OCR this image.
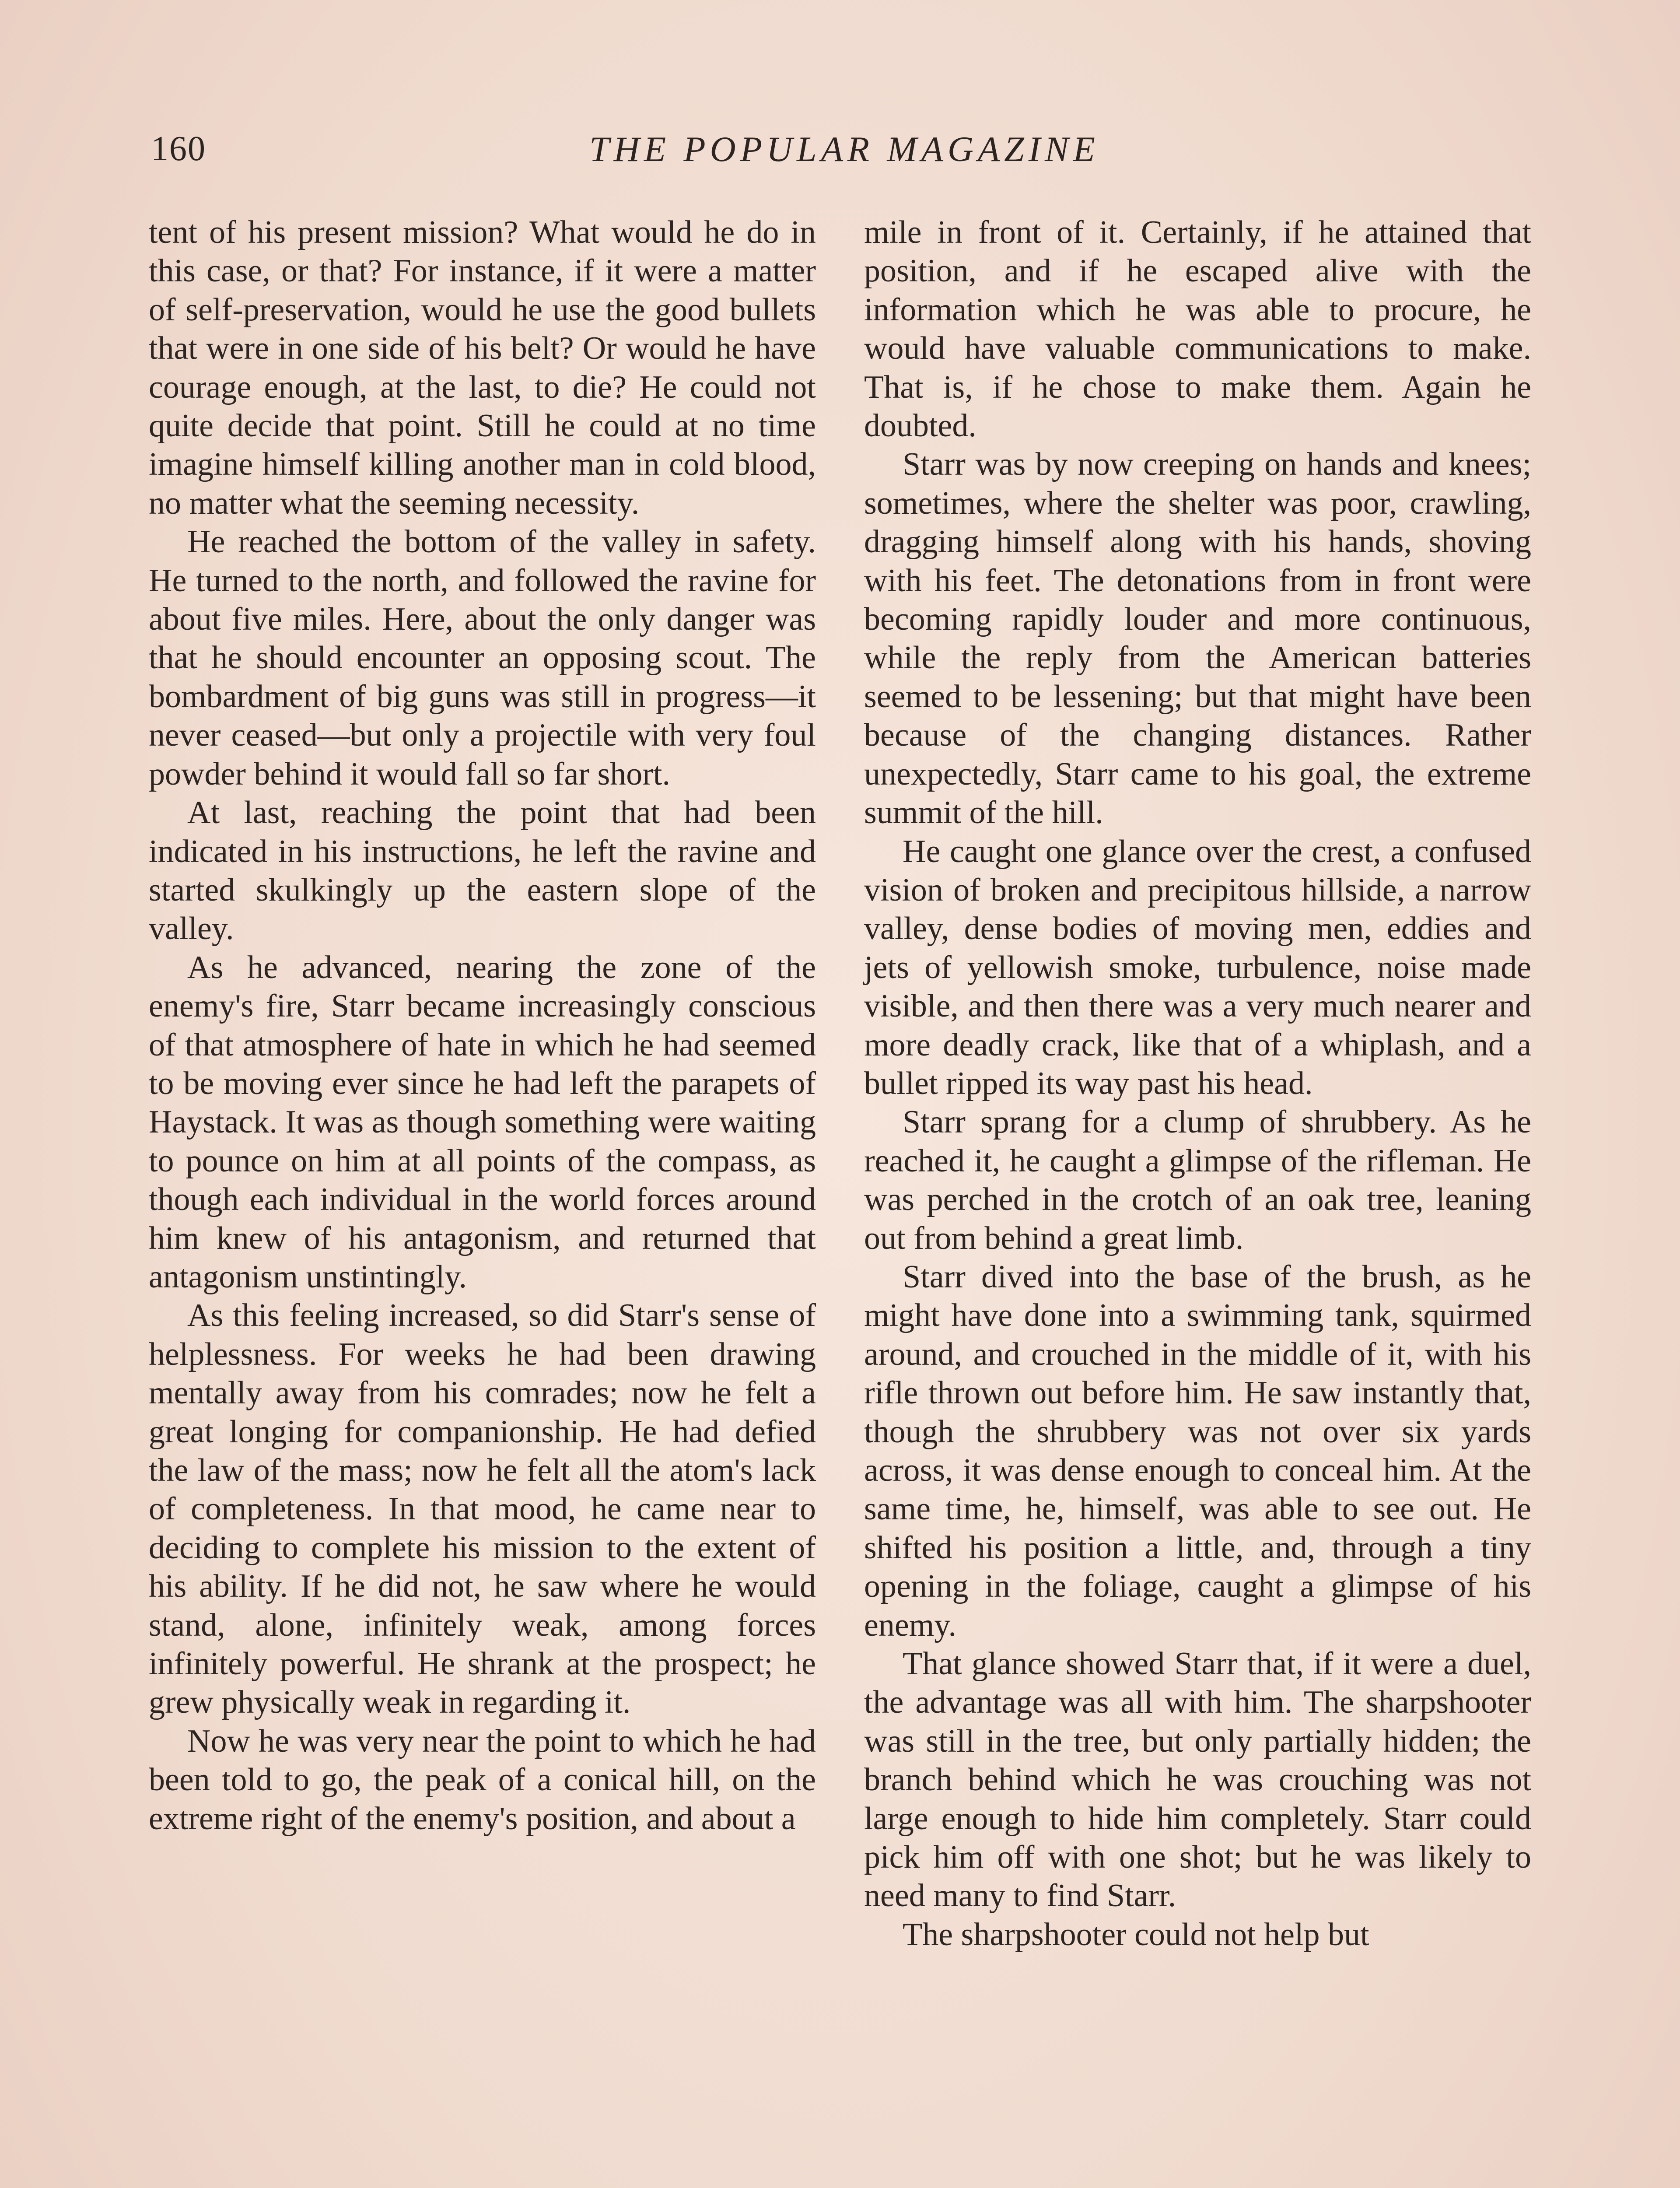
160	THE POPULAR MAGAZINE

tent of his present mission? What would he do in this case, or that? For instance, if it were a matter of self-preservation, would he use the good bullets that were in one side of his belt? Or would he have courage enough, at the last, to die? He could not quite decide that point. Still he could at no time imagine himself killing another man in cold blood, no matter what the seeming necessity.

He reached the bottom of the valley in safety. He turned to the north, and followed the ravine for about five miles. Here, about the only danger was that he should encounter an opposing scout. The bombardment of big guns was still in progress—it never ceased—but only a projectile with very foul powder behind it would fall so far short.

At last, reaching the point that had been indicated in his instructions, he left the ravine and started skulkingly up the eastern slope of the valley.

As he advanced, nearing the zone of the enemy's fire, Starr became increasingly conscious of that atmosphere of hate in which he had seemed to be moving ever since he had left the parapets of Haystack. It was as though something were waiting to pounce on him at all points of the compass, as though each individual in the world forces around him knew of his antagonism, and returned that antagonism unstintingly.

As this feeling increased, so did Starr's sense of helplessness. For weeks he had been drawing mentally away from his comrades; now he felt a great longing for companionship. He had defied the law of the mass; now he felt all the atom's lack of completeness. In that mood, he came near to deciding to complete his mission to the extent of his ability. If he did not, he saw where he would stand, alone, infinitely weak, among forces infinitely powerful. He shrank at the prospect; he grew physically weak in regarding it.

Now he was very near the point to which he had been told to go, the peak of a conical hill, on the extreme right of the enemy's position, and about a

mile in front of it. Certainly, if he attained that position, and if he escaped alive with the information which he was able to procure, he would have valuable communications to make. That is, if he chose to make them. Again he doubted.

Starr was by now creeping on hands and knees; sometimes, where the shelter was poor, crawling, dragging himself along with his hands, shoving with his feet. The detonations from in front were becoming rapidly louder and more continuous, while the reply from the American batteries seemed to be lessening; but that might have been because of the changing distances. Rather unexpectedly, Starr came to his goal, the extreme summit of the hill.

He caught one glance over the crest, a confused vision of broken and precipitous hillside, a narrow valley, dense bodies of moving men, eddies and jets of yellowish smoke, turbulence, noise made visible, and then there was a very much nearer and more deadly crack, like that of a whiplash, and a bullet ripped its way past his head.

Starr sprang for a clump of shrubbery. As he reached it, he caught a glimpse of the rifleman. He was perched in the crotch of an oak tree, leaning out from behind a great limb.

Starr dived into the base of the brush, as he might have done into a swimming tank, squirmed around, and crouched in the middle of it, with his rifle thrown out before him. He saw instantly that, though the shrubbery was not over six yards across, it was dense enough to conceal him. At the same time, he, himself, was able to see out. He shifted his position a little, and, through a tiny opening in the foliage, caught a glimpse of his enemy.

That glance showed Starr that, if it were a duel, the advantage was all with him. The sharpshooter was still in the tree, but only partially hidden; the branch behind which he was crouching was not large enough to hide him completely. Starr could pick him off with one shot; but he was likely to need many to find Starr.

The sharpshooter could not help but
